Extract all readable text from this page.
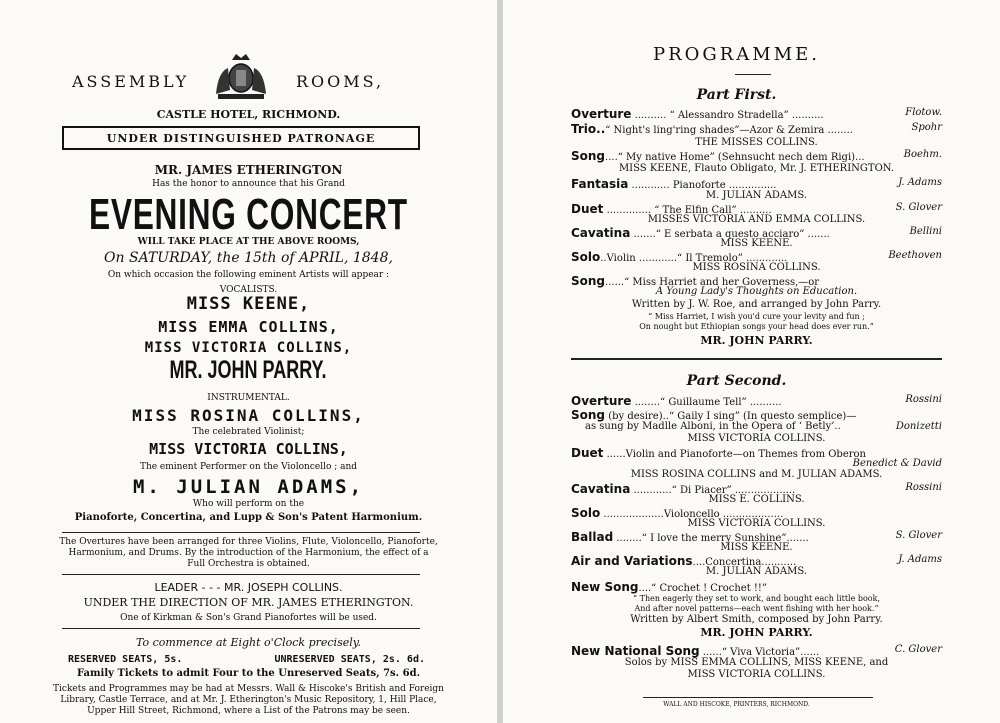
ASSEMBLY	ROOMS,
CASTLE HOTEL, RICHMOND.
UNDER DISTINGUISHED PATRONAGE
MR. JAMES ETHERINGTON
Has the honor to announce that his Grand
EVENING CONCERT
WILL TAKE PLACE AT THE ABOVE ROOMS,
On SATURDAY, the 15th of APRIL, 1848,
On which occasion the following eminent Artists will appear :
VOCALISTS.
MISS KEENE,
MISS EMMA COLLINS,
MISS VICTORIA COLLINS,
MR. JOHN PARRY.
INSTRUMENTAL.
MISS ROSINA COLLINS,
The celebrated Violinist;
MISS VICTORIA COLLINS,
The eminent Performer on the Violoncello ; and
M. JULIAN ADAMS,
Who will perform on the
Pianoforte, Concertina, and Lupp & Son's Patent Harmonium.
The Overtures have been arranged for three Violins, Flute, Violoncello, Pianoforte,
Harmonium, and Drums. By the introduction of the Harmonium, the effect of a
Full Orchestra is obtained.
LEADER - - - MR. JOSEPH COLLINS.
UNDER THE DIRECTION OF MR. JAMES ETHERINGTON.
One of Kirkman & Son's Grand Pianofortes will be used.
To commence at Eight o'Clock precisely.
RESERVED SEATS, 5s.	UNRESERVED SEATS, 2s. 6d.
Family Tickets to admit Four to the Unreserved Seats, 7s. 6d.
Tickets and Programmes may be had at Messrs. Wall & Hiscoke's British and Foreign
Library, Castle Terrace, and at Mr. J. Etherington's Music Repository, 1, Hill Place,
Upper Hill Street, Richmond, where a List of the Patrons may be seen.
PROGRAMME.
Part First.
Overture .......... “ Alessandro Stradella” ..........	Flotow.
Trio..“ Night's ling'ring shades”—Azor & Zemira ........	Spohr
THE MISSES COLLINS.
Song....“ My native Home” (Sehnsucht nech dem Rigi)...	Boehm.
MISS KEENE, Flauto Obligato, Mr. J. ETHERINGTON.
Fantasia ............ Pianoforte ...............	J. Adams
M. JULIAN ADAMS.
Duet .............. “ The Elfin Call” ..........	S. Glover
MISSES VICTORIA AND EMMA COLLINS.
Cavatina .......“ E serbata a questo acciaro” .......	Bellini
MISS KEENE.
Solo..Violin ............“ Il Tremolo” .............	Beethoven
MISS ROSINA COLLINS.
Song......“ Miss Harriet and her Governess,—or
A Young Lady's Thoughts on Education.
Written by J. W. Roe, and arranged by John Parry.
“ Miss Harriet, I wish you'd cure your levity and fun ;
On nought but Ethiopian songs your head does ever run.”
MR. JOHN PARRY.
Part Second.
Overture ........“ Guillaume Tell” ..........	Rossini
Song (by desire)..“ Gaily I sing” (In questo semplice)—
as sung by Madlle Alboni, in the Opera of ‘ Betly’..	Donizetti
MISS VICTORIA COLLINS.
Duet ......Violin and Pianoforte—on Themes from Oberon
Benedict & David
MISS ROSINA COLLINS and M. JULIAN ADAMS.
Cavatina ............“ Di Piacer” ...................	Rossini
MISS E. COLLINS.
Solo ...................Violoncello ...................
MISS VICTORIA COLLINS.
Ballad ........“ I love the merry Sunshine”.......	S. Glover
MISS KEENE.
Air and Variations....Concertina...........	J. Adams
M. JULIAN ADAMS.
New Song....“ Crochet ! Crochet !!”
“ Then eagerly they set to work, and bought each little book,
And after novel patterns—each went fishing with her hook.”
Written by Albert Smith, composed by John Parry.
MR. JOHN PARRY.
New National Song ......“ Viva Victoria”......	C. Glover
Solos by MISS EMMA COLLINS, MISS KEENE, and
MISS VICTORIA COLLINS.
WALL AND HISCOKE, PRINTERS, RICHMOND.
